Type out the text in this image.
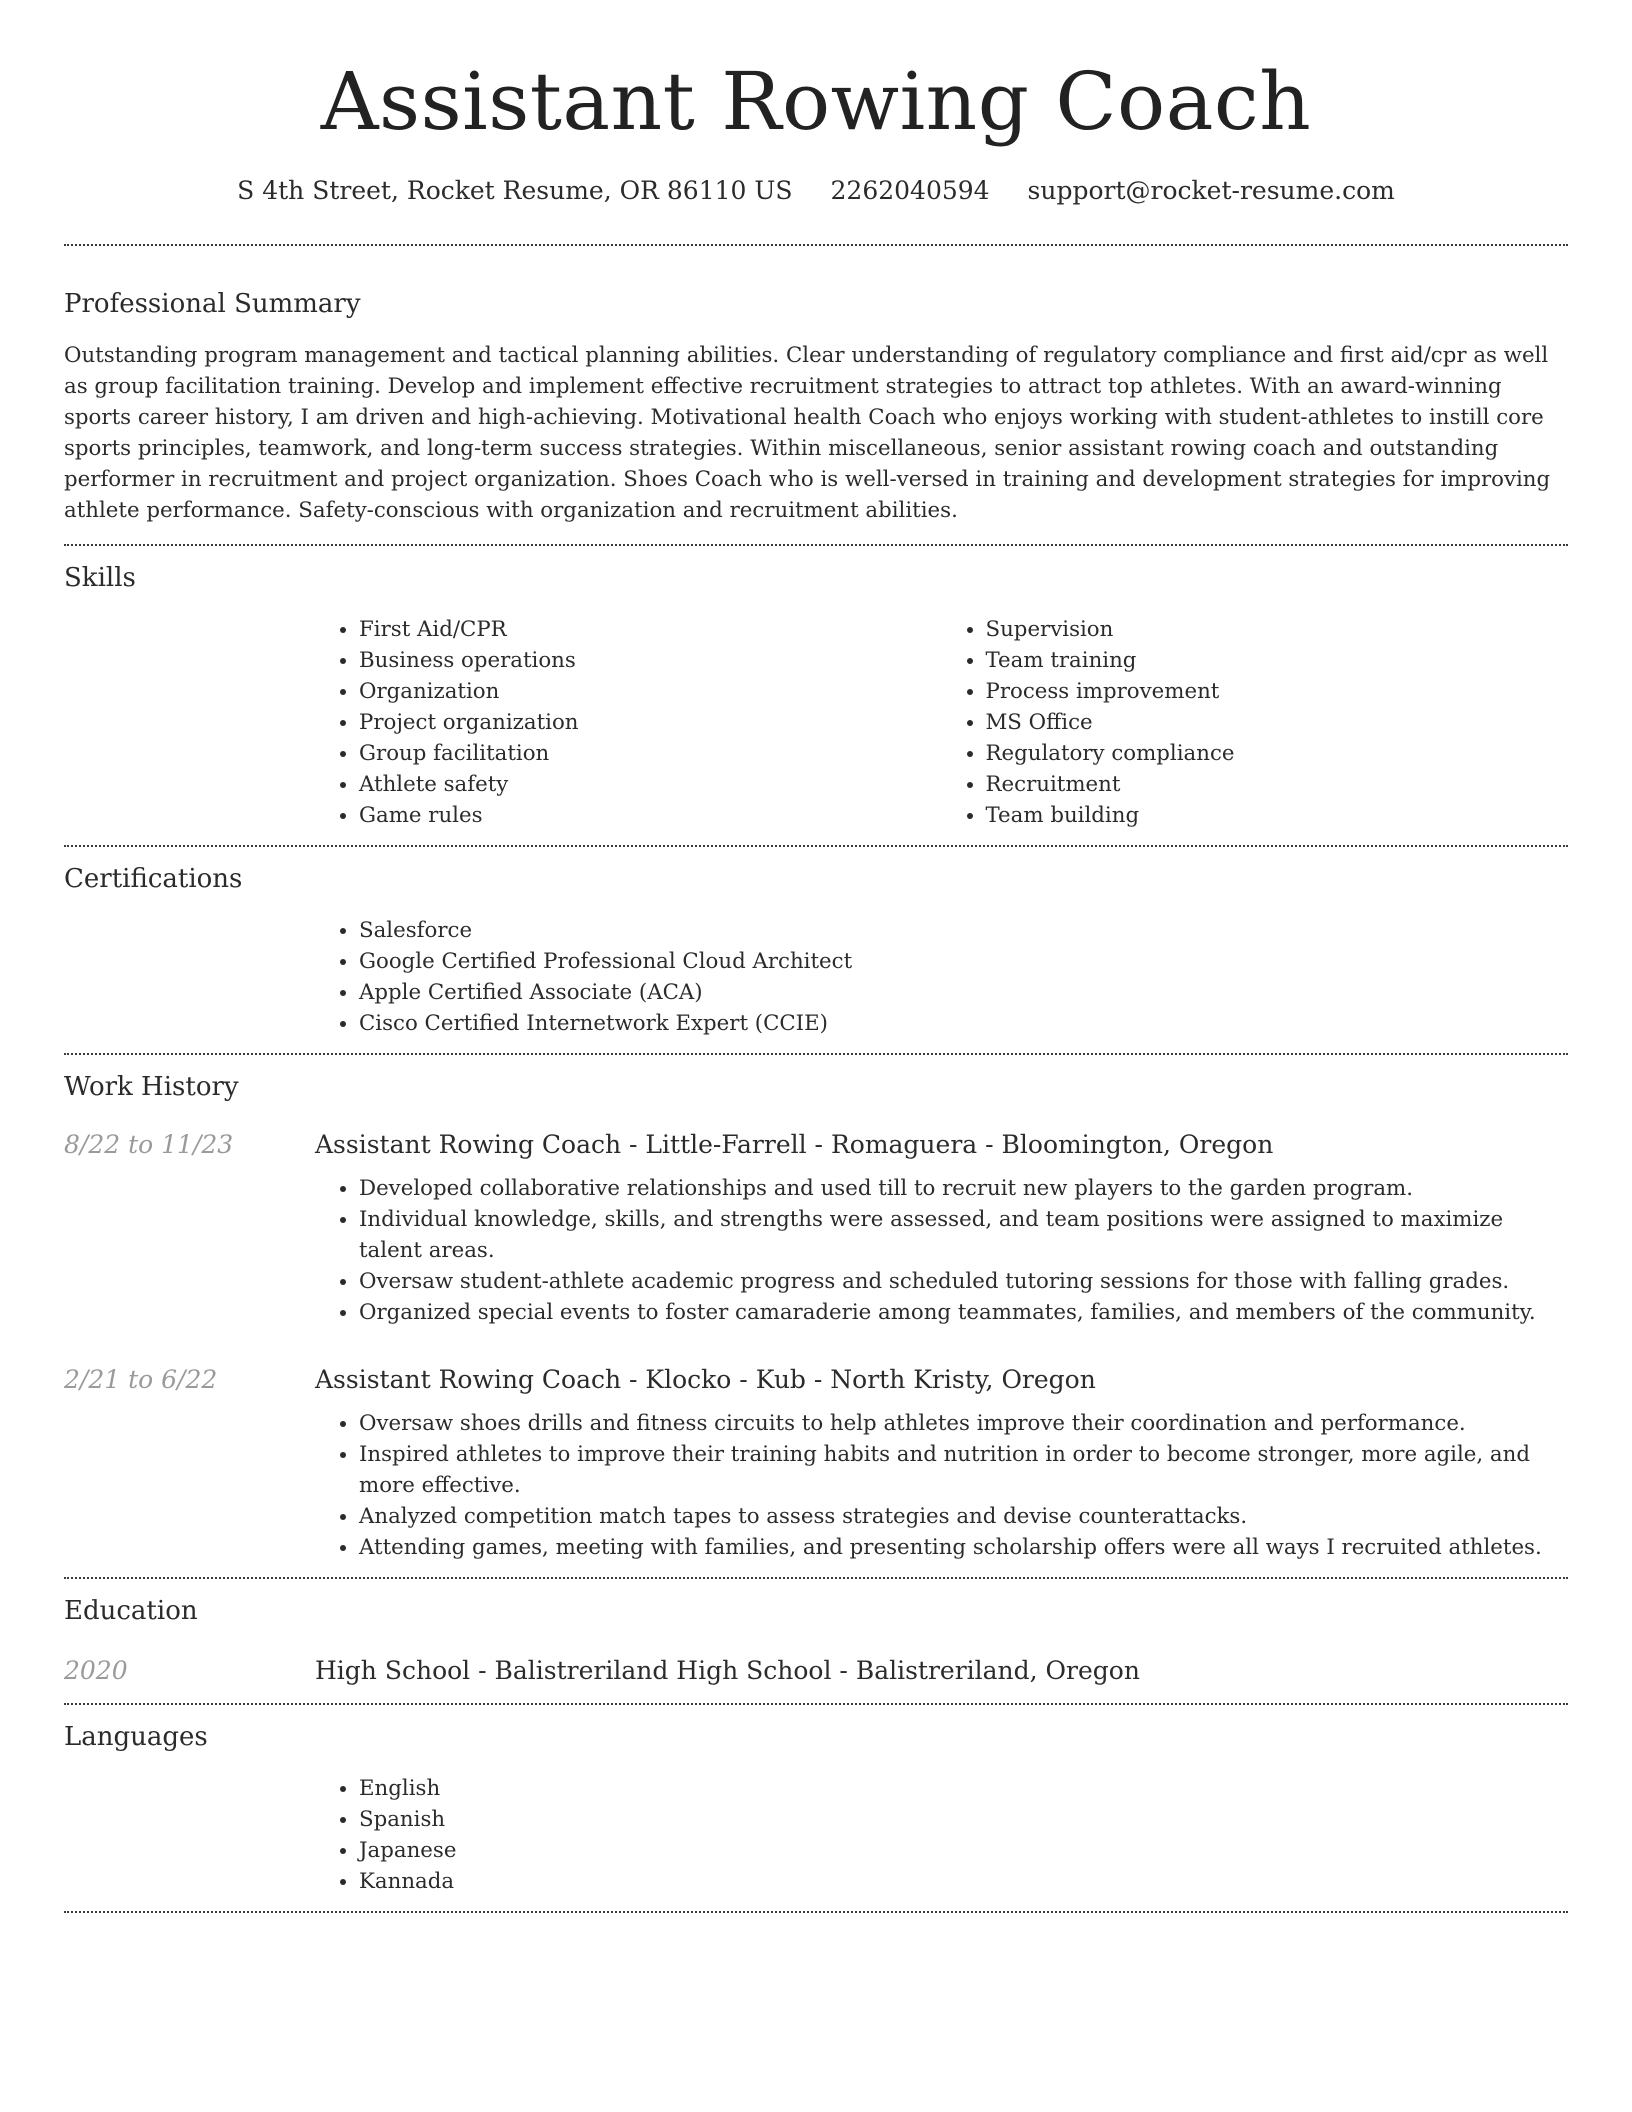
Assistant Rowing Coach
S 4th Street, Rocket Resume, OR 86110 US 2262040594 support@rocket-resume.com
Professional Summary

Outstanding program management and tactical planning abilities. Clear understanding of regulatory compliance and first aid/cpr as well as group facilitation training. Develop and implement effective recruitment strategies to attract top athletes. With an award-winning sports career history, I am driven and high-achieving. Motivational health Coach who enjoys working with student-athletes to instill core sports principles, teamwork, and long-term success strategies. Within miscellaneous, senior assistant rowing coach and outstanding performer in recruitment and project organization. Shoes Coach who is well-versed in training and development strategies for improving athlete performance. Safety-conscious with organization and recruitment abilities.

Skills
• First Aid/CPR
• Business operations
• Organization
• Project organization
• Group facilitation
• Athlete safety
• Game rules
• Supervision
• Team training
• Process improvement
• MS Office
• Regulatory compliance
• Recruitment
• Team building
Certifications
• Salesforce
• Google Certified Professional Cloud Architect
• Apple Certified Associate (ACA)
• Cisco Certified Internetwork Expert (CCIE)
Work History
8/22 to 11/23	Assistant Rowing Coach - Little-Farrell - Romaguera - Bloomington, Oregon
• Developed collaborative relationships and used till to recruit new players to the garden program.
• Individual knowledge, skills, and strengths were assessed, and team positions were assigned to maximize talent areas.
• Oversaw student-athlete academic progress and scheduled tutoring sessions for those with falling grades.
• Organized special events to foster camaraderie among teammates, families, and members of the community.
2/21 to 6/22	Assistant Rowing Coach - Klocko - Kub - North Kristy, Oregon
• Oversaw shoes drills and fitness circuits to help athletes improve their coordination and performance.
• Inspired athletes to improve their training habits and nutrition in order to become stronger, more agile, and more effective.
• Analyzed competition match tapes to assess strategies and devise counterattacks.
• Attending games, meeting with families, and presenting scholarship offers were all ways I recruited athletes.
Education
2020	High School - Balistreriland High School - Balistreriland, Oregon
Languages
• English
• Spanish
• Japanese
• Kannada
